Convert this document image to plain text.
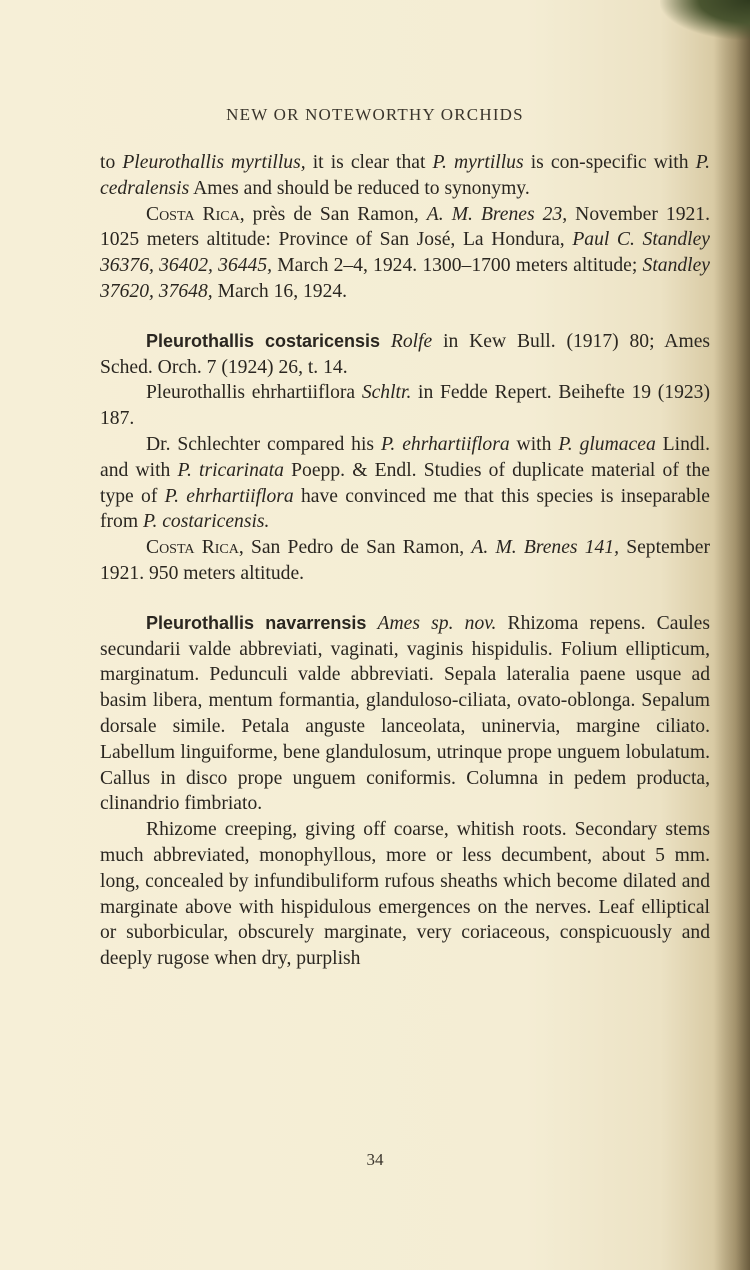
NEW OR NOTEWORTHY ORCHIDS

to Pleurothallis myrtillus, it is clear that P. myrtillus is con-specific with P. cedralensis Ames and should be reduced to synonymy.

Costa Rica, près de San Ramon, A. M. Brenes 23, November 1921. 1025 meters altitude: Province of San José, La Hondura, Paul C. Standley 36376, 36402, 36445, March 2–4, 1924. 1300–1700 meters altitude; Standley 37620, 37648, March 16, 1924.

Pleurothallis costaricensis Rolfe in Kew Bull. (1917) 80; Ames Sched. Orch. 7 (1924) 26, t. 14.

Pleurothallis ehrhartiiflora Schltr. in Fedde Repert. Beihefte 19 (1923) 187.

Dr. Schlechter compared his P. ehrhartiiflora with P. glumacea Lindl. and with P. tricarinata Poepp. & Endl. Studies of duplicate material of the type of P. ehrhartiiflora have convinced me that this species is inseparable from P. costaricensis.

Costa Rica, San Pedro de San Ramon, A. M. Brenes 141, September 1921. 950 meters altitude.

Pleurothallis navarrensis Ames sp. nov. Rhizoma repens. Caules secundarii valde abbreviati, vaginati, vaginis hispidulis. Folium ellipticum, marginatum. Pedunculi valde abbreviati. Sepala lateralia paene usque ad basim libera, mentum formantia, glanduloso-ciliata, ovato-oblonga. Sepalum dorsale simile. Petala anguste lanceolata, uninervia, margine ciliato. Labellum linguiforme, bene glandulosum, utrinque prope unguem lobulatum. Callus in disco prope unguem coniformis. Columna in pedem producta, clinandrio fimbriato.

Rhizome creeping, giving off coarse, whitish roots. Secondary stems much abbreviated, monophyllous, more or less decumbent, about 5 mm. long, concealed by infundibuliform rufous sheaths which become dilated and marginate above with hispidulous emergences on the nerves. Leaf elliptical or suborbicular, obscurely marginate, very coriaceous, conspicuously and deeply rugose when dry, purplish

34
